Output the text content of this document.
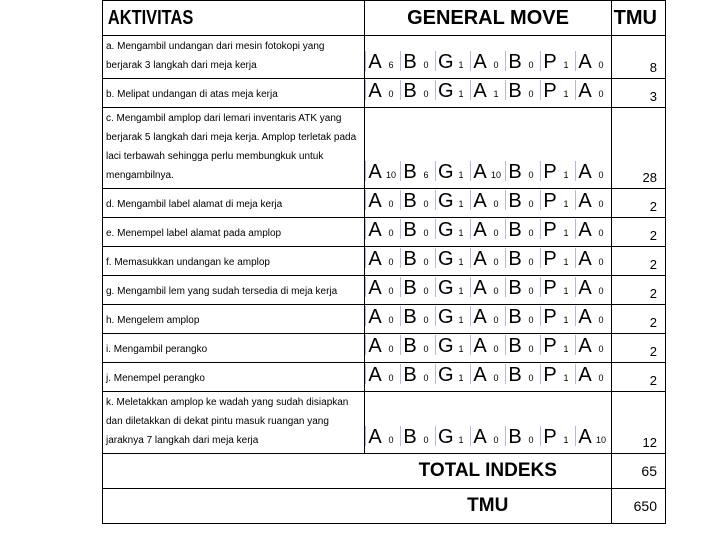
AKTIVITAS	GENERAL MOVE	TMU

a. Mengambil undangan dari mesin fotokopi yang berjarak 3 langkah dari meja kerja	A 6 B 0 G 1 A 0 B 0 P 1 A 0	8

b. Melipat undangan di atas meja kerja	A 0 B 0 G 1 A 1 B 0 P 1 A 0	3

c. Mengambil amplop dari lemari inventaris ATK yang berjarak 5 langkah dari meja kerja. Amplop terletak pada laci terbawah sehingga perlu membungkuk untuk mengambilnya.	A 10 B 6 G 1 A 10 B 0 P 1 A 0	28

d. Mengambil label alamat di meja kerja	A 0 B 0 G 1 A 0 B 0 P 1 A 0	2

e. Menempel label alamat pada amplop	A 0 B 0 G 1 A 0 B 0 P 1 A 0	2

f. Memasukkan undangan ke amplop	A 0 B 0 G 1 A 0 B 0 P 1 A 0	2

g. Mengambil lem yang sudah tersedia di meja kerja	A 0 B 0 G 1 A 0 B 0 P 1 A 0	2

h. Mengelem amplop	A 0 B 0 G 1 A 0 B 0 P 1 A 0	2

i. Mengambil perangko	A 0 B 0 G 1 A 0 B 0 P 1 A 0	2

j. Menempel perangko	A 0 B 0 G 1 A 0 B 0 P 1 A 0	2

k. Meletakkan amplop ke wadah yang sudah disiapkan dan diletakkan di dekat pintu masuk ruangan yang jaraknya 7 langkah dari meja kerja	A 0 B 0 G 1 A 0 B 0 P 1 A 10	12

	TOTAL INDEKS	65

	TMU	650
